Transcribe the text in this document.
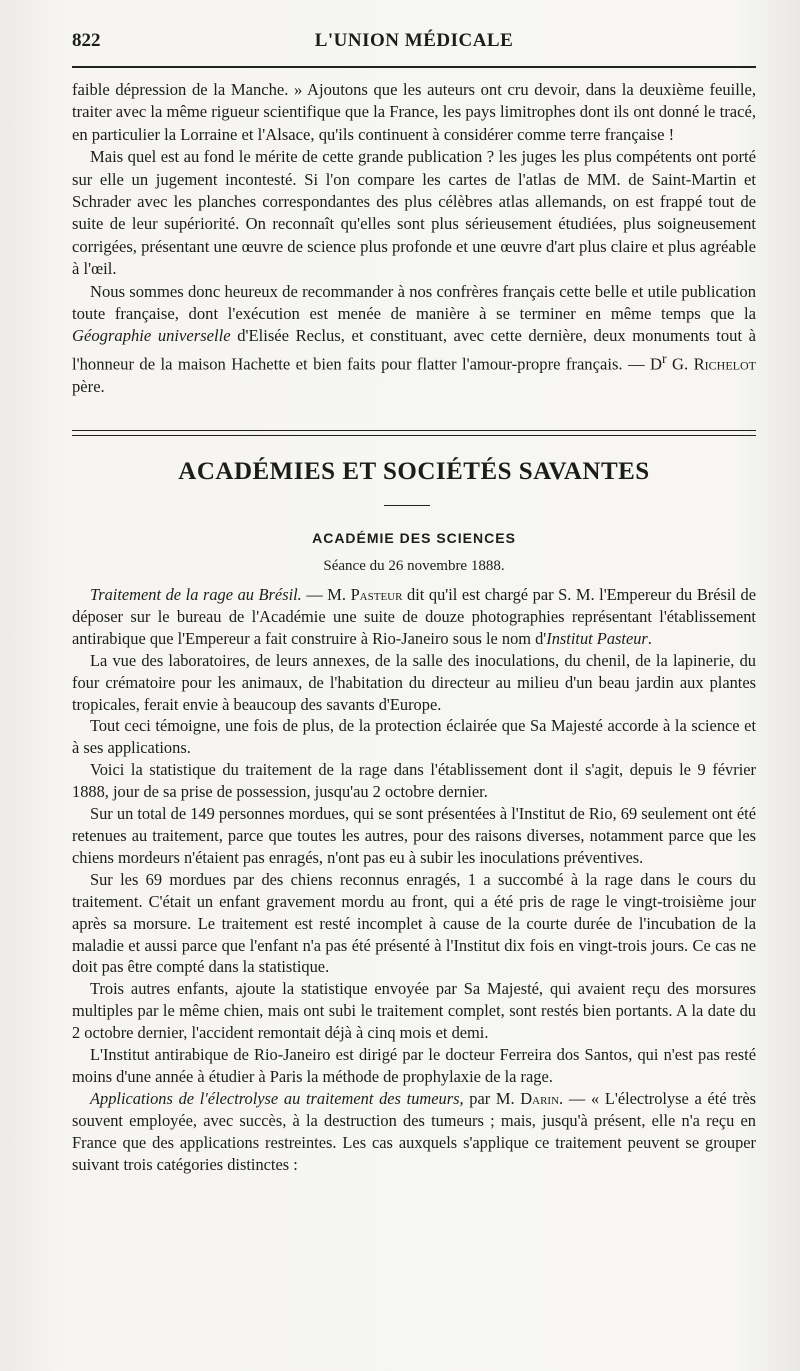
822	L'UNION MÉDICALE

faible dépression de la Manche. » Ajoutons que les auteurs ont cru devoir, dans la deuxième feuille, traiter avec la même rigueur scientifique que la France, les pays limitrophes dont ils ont donné le tracé, en particulier la Lorraine et l'Alsace, qu'ils continuent à considérer comme terre française !

Mais quel est au fond le mérite de cette grande publication ? les juges les plus compétents ont porté sur elle un jugement incontesté. Si l'on compare les cartes de l'atlas de MM. de Saint-Martin et Schrader avec les planches correspondantes des plus célèbres atlas allemands, on est frappé tout de suite de leur supériorité. On reconnaît qu'elles sont plus sérieusement étudiées, plus soigneusement corrigées, présentant une œuvre de science plus profonde et une œuvre d'art plus claire et plus agréable à l'œil.

Nous sommes donc heureux de recommander à nos confrères français cette belle et utile publication toute française, dont l'exécution est menée de manière à se terminer en même temps que la Géographie universelle d'Elisée Reclus, et constituant, avec cette dernière, deux monuments tout à l'honneur de la maison Hachette et bien faits pour flatter l'amour-propre français. — $D^r$ G. Richelot père.

ACADÉMIES ET SOCIÉTÉS SAVANTES
ACADÉMIE DES SCIENCES
Séance du 26 novembre 1888.

Traitement de la rage au Brésil. — M. Pasteur dit qu'il est chargé par S. M. l'Empereur du Brésil de déposer sur le bureau de l'Académie une suite de douze photographies représentant l'établissement antirabique que l'Empereur a fait construire à Rio-Janeiro sous le nom d'Institut Pasteur.

La vue des laboratoires, de leurs annexes, de la salle des inoculations, du chenil, de la lapinerie, du four crématoire pour les animaux, de l'habitation du directeur au milieu d'un beau jardin aux plantes tropicales, ferait envie à beaucoup des savants d'Europe.

Tout ceci témoigne, une fois de plus, de la protection éclairée que Sa Majesté accorde à la science et à ses applications.

Voici la statistique du traitement de la rage dans l'établissement dont il s'agit, depuis le 9 février 1888, jour de sa prise de possession, jusqu'au 2 octobre dernier.

Sur un total de 149 personnes mordues, qui se sont présentées à l'Institut de Rio, 69 seulement ont été retenues au traitement, parce que toutes les autres, pour des raisons diverses, notamment parce que les chiens mordeurs n'étaient pas enragés, n'ont pas eu à subir les inoculations préventives.

Sur les 69 mordues par des chiens reconnus enragés, 1 a succombé à la rage dans le cours du traitement. C'était un enfant gravement mordu au front, qui a été pris de rage le vingt-troisième jour après sa morsure. Le traitement est resté incomplet à cause de la courte durée de l'incubation de la maladie et aussi parce que l'enfant n'a pas été présenté à l'Institut dix fois en vingt-trois jours. Ce cas ne doit pas être compté dans la statistique.

Trois autres enfants, ajoute la statistique envoyée par Sa Majesté, qui avaient reçu des morsures multiples par le même chien, mais ont subi le traitement complet, sont restés bien portants. A la date du 2 octobre dernier, l'accident remontait déjà à cinq mois et demi.

L'Institut antirabique de Rio-Janeiro est dirigé par le docteur Ferreira dos Santos, qui n'est pas resté moins d'une année à étudier à Paris la méthode de prophylaxie de la rage.

Applications de l'électrolyse au traitement des tumeurs, par M. Darin. — « L'électrolyse a été très souvent employée, avec succès, à la destruction des tumeurs ; mais, jusqu'à présent, elle n'a reçu en France que des applications restreintes. Les cas auxquels s'applique ce traitement peuvent se grouper suivant trois catégories distinctes :
